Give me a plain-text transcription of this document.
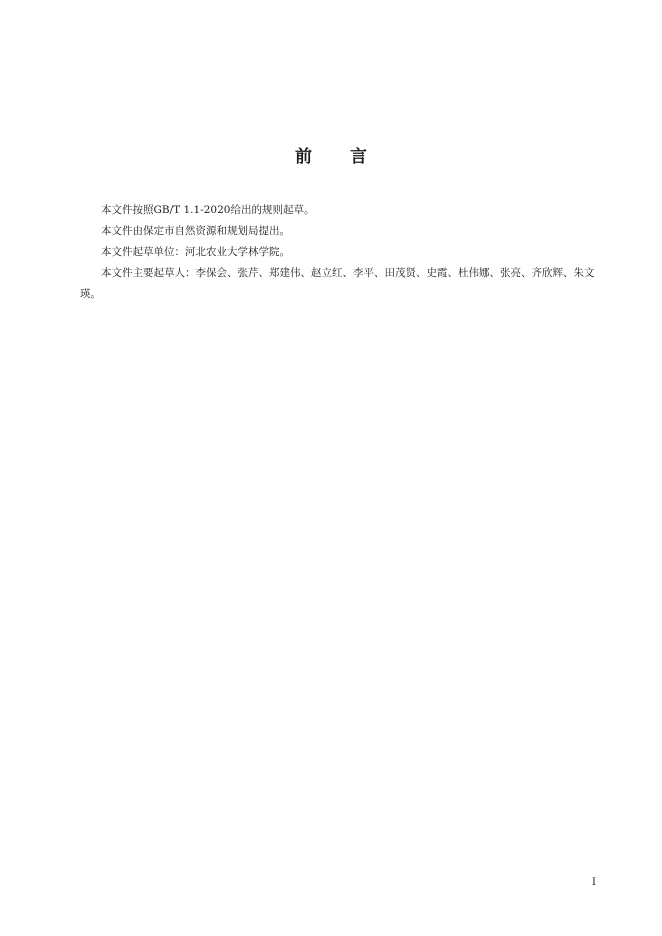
前 言

本文件按照GB/T 1.1-2020给出的规则起草。

本文件由保定市自然资源和规划局提出。

本文件起草单位：河北农业大学林学院。

本文件主要起草人：李保会、张芹、郑建伟、赵立红、李平、田茂贤、史霞、杜伟娜、张亮、齐欣辉、朱文瑛。

I
